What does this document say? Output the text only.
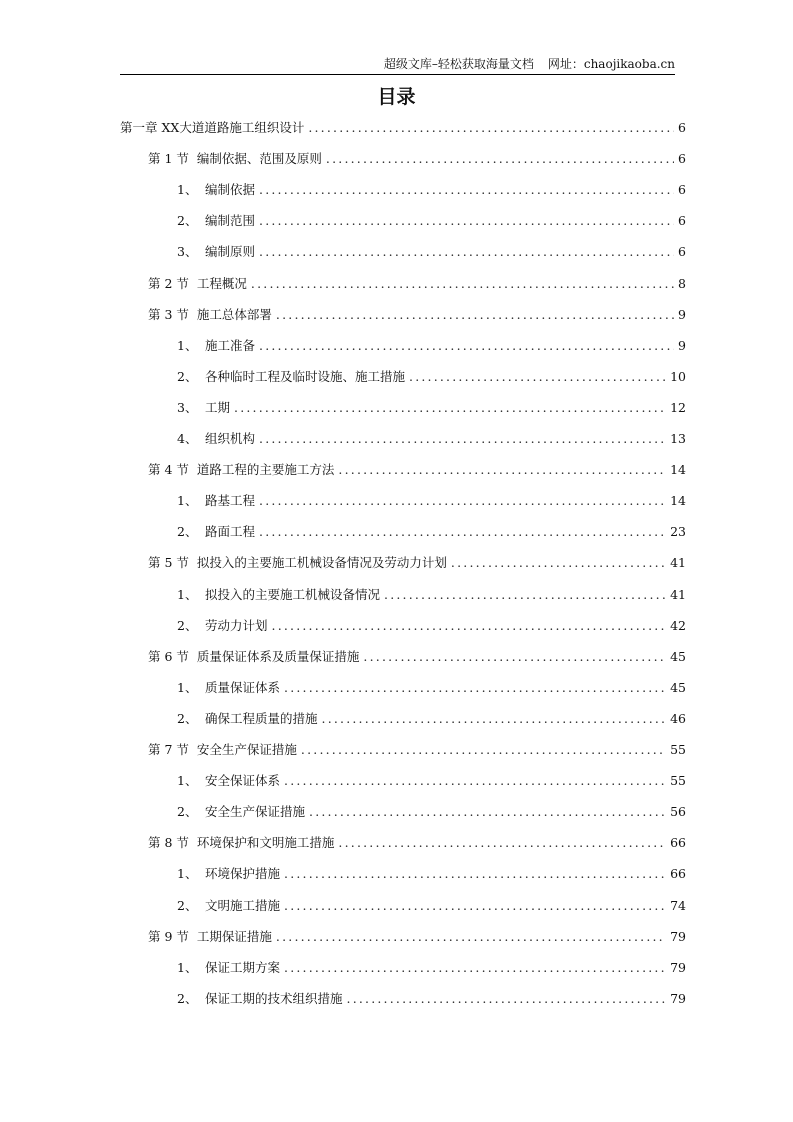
超级文库–轻松获取海量文档 网址：chaojikaoba.cn
目录
第一章 XX大道道路施工组织设计 .....	6
第 1 节 编制依据、范围及原则 .....	6
1、 编制依据 .....	6
2、 编制范围 .....	6
3、 编制原则 .....	6
第 2 节 工程概况 .....	8
第 3 节 施工总体部署 .....	9
1、 施工准备 .....	9
2、 各种临时工程及临时设施、施工措施 .....	10
3、 工期 .....	12
4、 组织机构 .....	13
第 4 节 道路工程的主要施工方法 .....	14
1、 路基工程 .....	14
2、 路面工程 .....	23
第 5 节 拟投入的主要施工机械设备情况及劳动力计划 .....	41
1、 拟投入的主要施工机械设备情况 .....	41
2、 劳动力计划 .....	42
第 6 节 质量保证体系及质量保证措施 .....	45
1、 质量保证体系 .....	45
2、 确保工程质量的措施 .....	46
第 7 节 安全生产保证措施 .....	55
1、 安全保证体系 .....	55
2、 安全生产保证措施 .....	56
第 8 节 环境保护和文明施工措施 .....	66
1、 环境保护措施 .....	66
2、 文明施工措施 .....	74
第 9 节 工期保证措施 .....	79
1、 保证工期方案 .....	79
2、 保证工期的技术组织措施 .....	79
